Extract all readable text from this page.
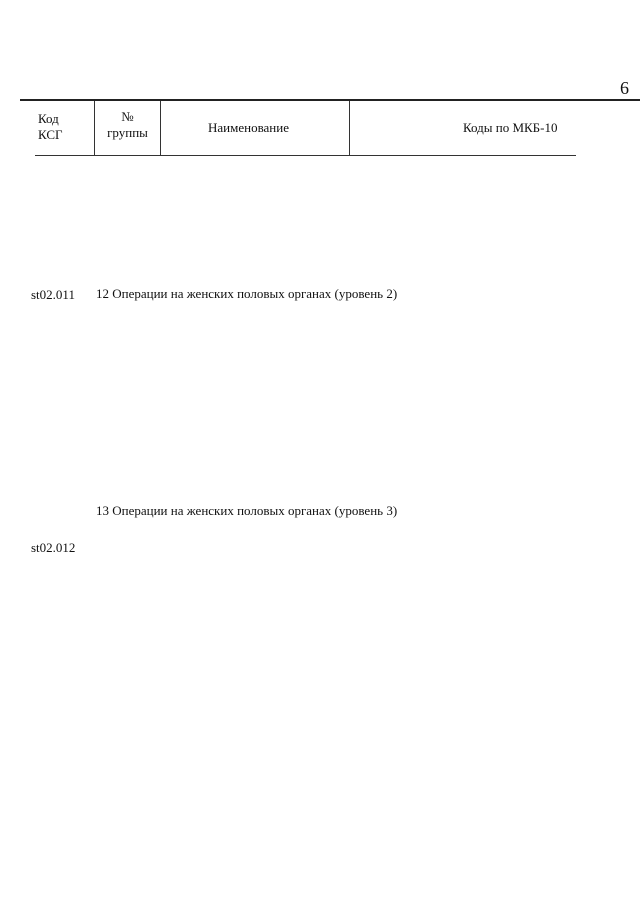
6
Код
КСГ
№
группы	Наименование	Коды по МКБ-10
st02.011 12 Операции на женских половых органах (уровень 2)
13 Операции на женских половых органах (уровень 3)
st02.012
